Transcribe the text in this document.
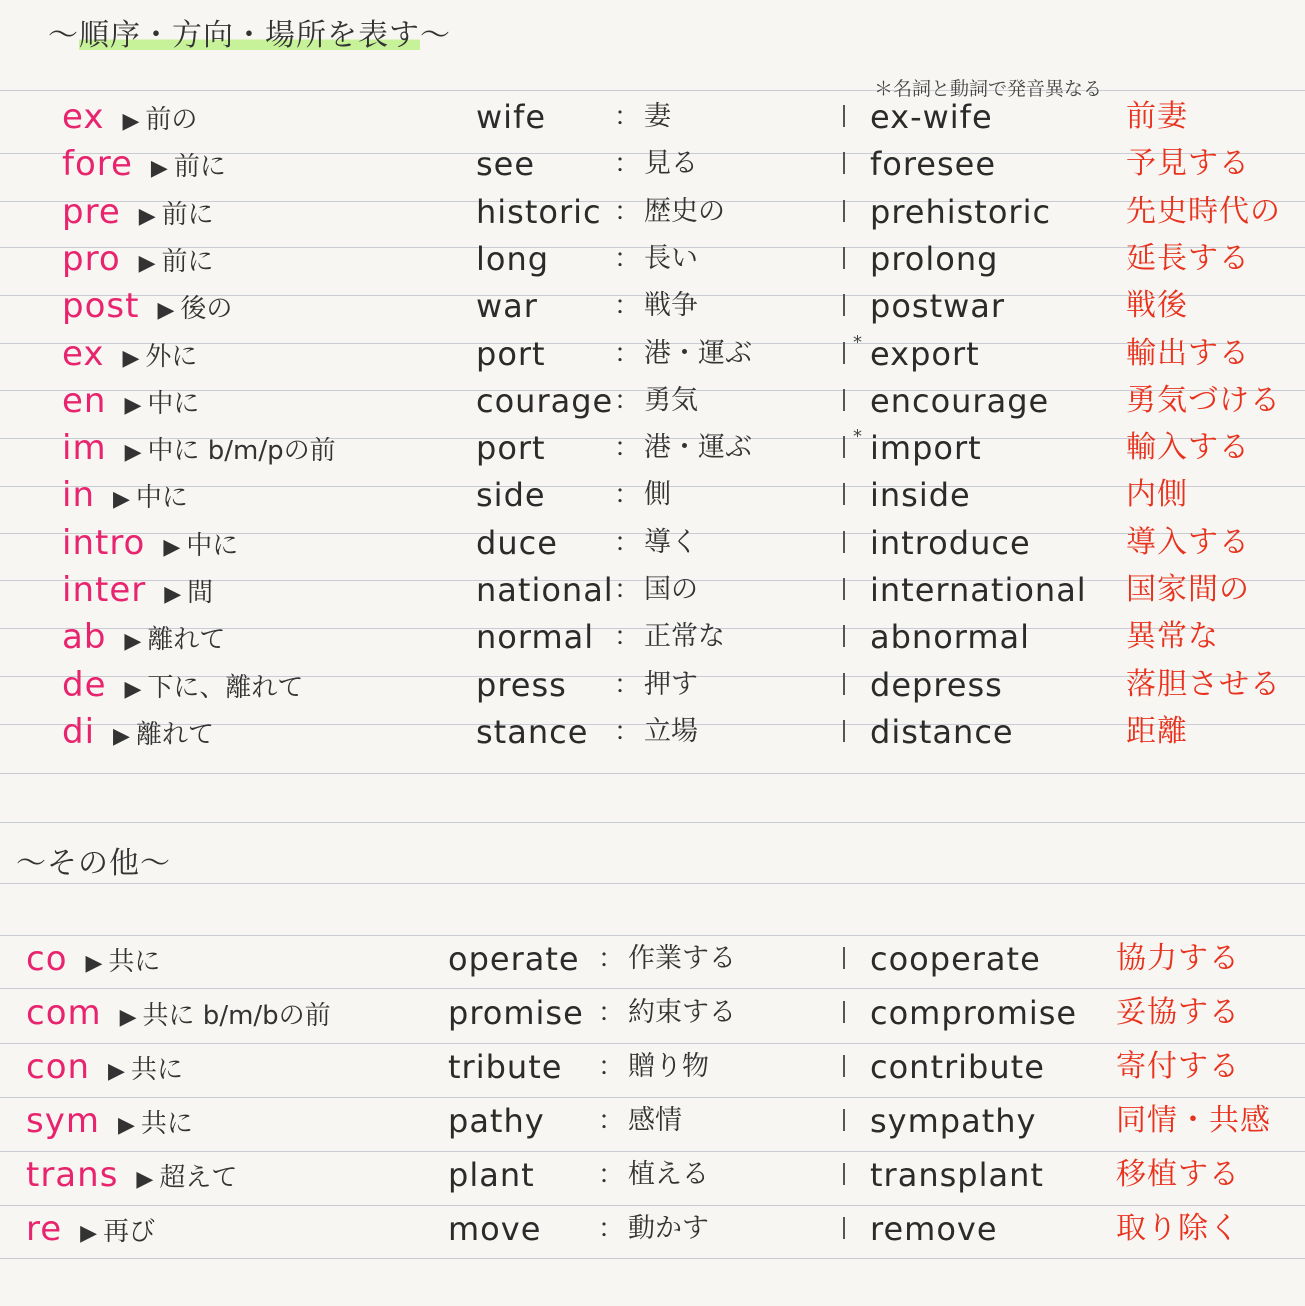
〜順序・方向・場所を表す〜
＊名詞と動詞で発音異なる
ex ▶ 前の	wife	： 妻	ex-wife	前妻
fore ▶ 前に	see	： 見る	foresee	予見する
pre ▶ 前に	historic ： 歴史の	prehistoric 先史時代の
pro ▶ 前に	long ： 長い	prolong	延長する
post ▶ 後の	war	： 戦争	postwar	戦後
ex ▶ 外に	port	： 港・運ぶ	* export	輸出する
en ▶ 中に	courage ： 勇気	encourage	勇気づける
im ▶ 中に b/m/pの前	port	： 港・運ぶ	* import	輸入する
in ▶ 中に	side	： 側	inside	内側
intro ▶ 中に	duce ： 導く	introduce	導入する
inter ▶ 間	national ： 国の	international 国家間の
ab ▶ 離れて	normal ： 正常な	abnormal	異常な
de ▶ 下に、離れて	press ： 押す	depress	落胆させる
di ▶ 離れて	stance ： 立場	distance	距離
〜その他〜
co ▶ 共に	operate ： 作業する	cooperate	協力する
com ▶ 共に b/m/bの前	promise ： 約束する	compromise 妥協する
con ▶ 共に	tribute ： 贈り物	contribute 寄付する
sym ▶ 共に	pathy ： 感情	sympathy	同情・共感
trans ▶ 超えて	plant ： 植える	transplant 移植する
re ▶ 再び	move ： 動かす	remove	取り除く
